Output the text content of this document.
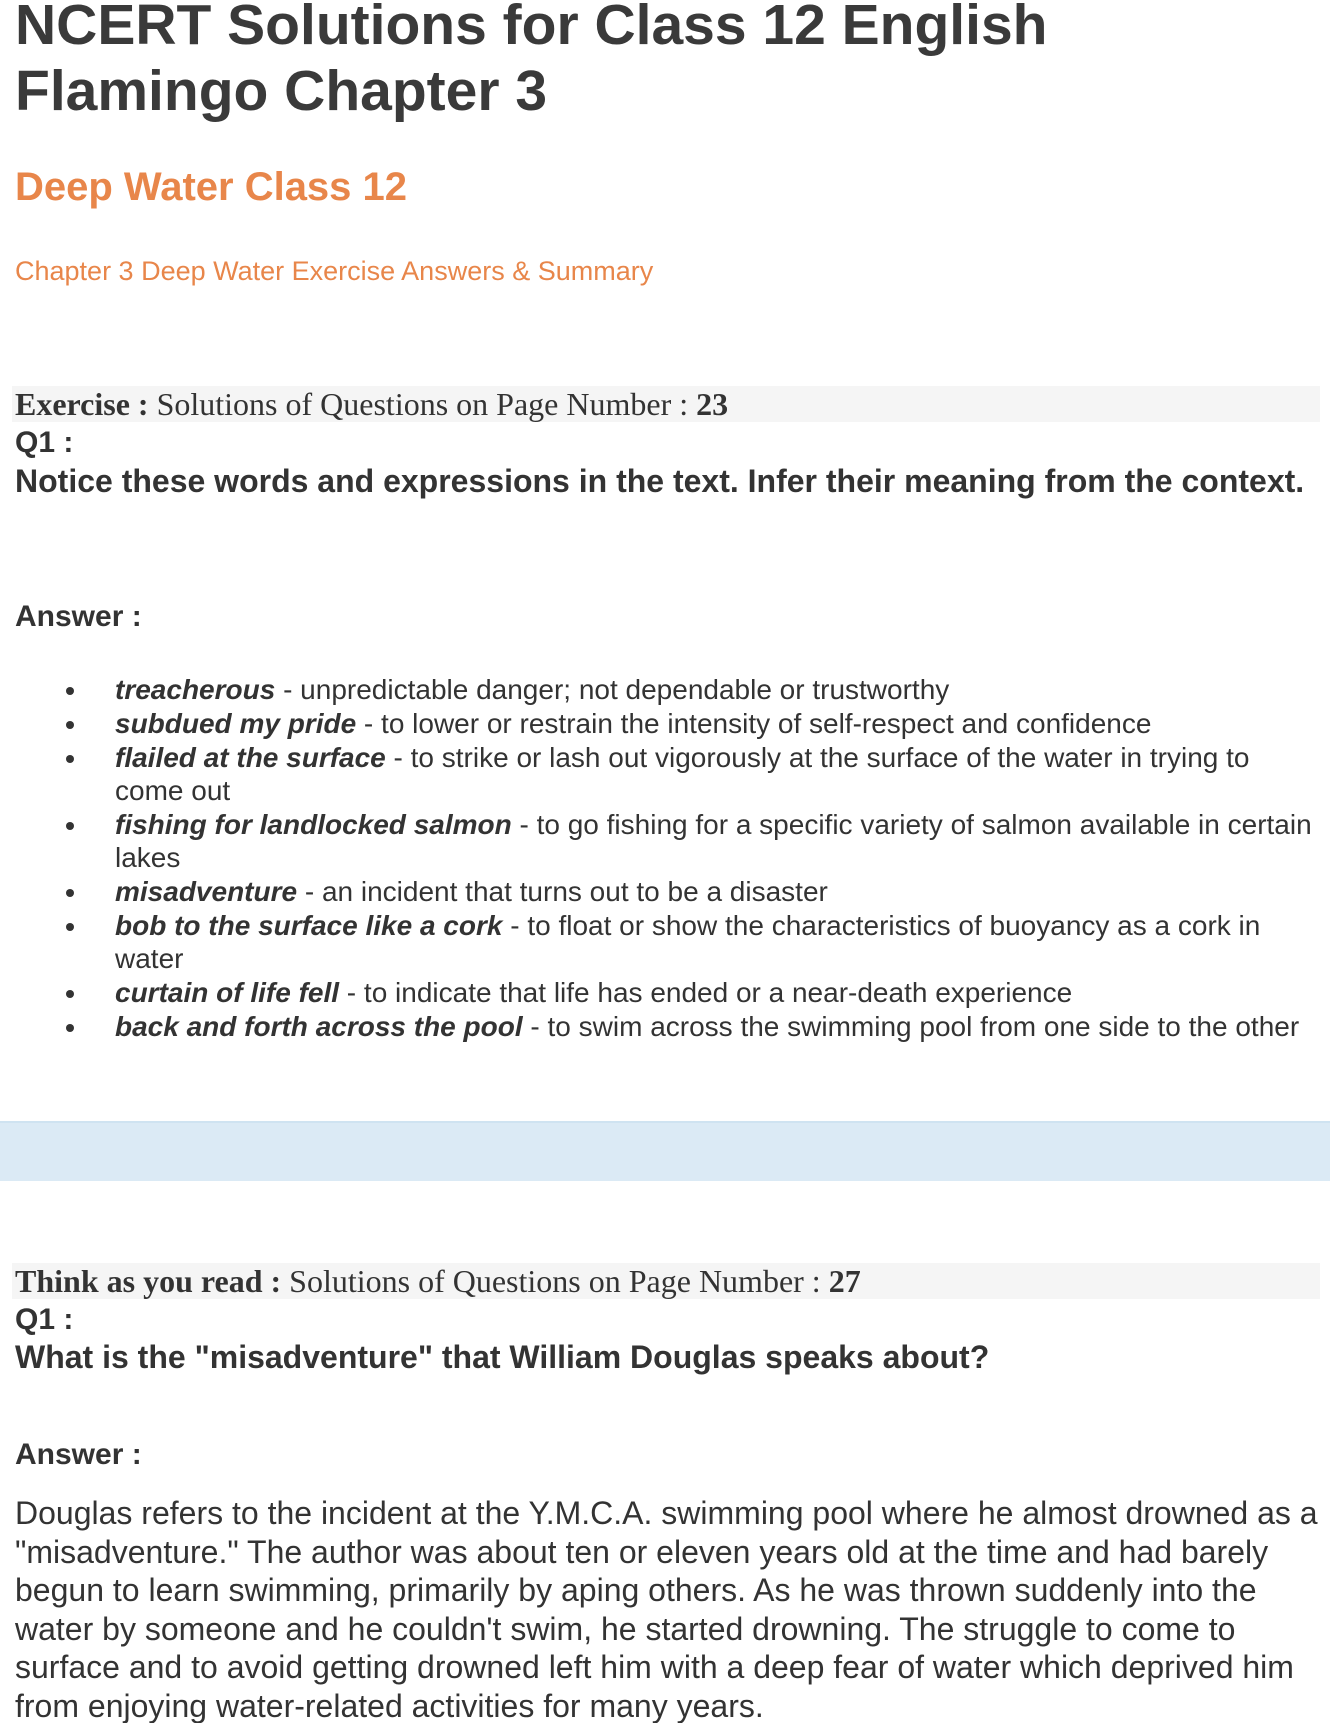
NCERT Solutions for Class 12 English Flamingo Chapter 3
Deep Water Class 12
Chapter 3 Deep Water Exercise Answers & Summary
Exercise : Solutions of Questions on Page Number : 23
Q1 :
Notice these words and expressions in the text. Infer their meaning from the context.
Answer :
treacherous - unpredictable danger; not dependable or trustworthy
subdued my pride - to lower or restrain the intensity of self-respect and confidence
flailed at the surface - to strike or lash out vigorously at the surface of the water in trying to come out
fishing for landlocked salmon - to go fishing for a specific variety of salmon available in certain lakes
misadventure - an incident that turns out to be a disaster
bob to the surface like a cork - to float or show the characteristics of buoyancy as a cork in water
curtain of life fell - to indicate that life has ended or a near-death experience
back and forth across the pool - to swim across the swimming pool from one side to the other
Think as you read : Solutions of Questions on Page Number : 27
Q1 :
What is the "misadventure" that William Douglas speaks about?
Answer :
Douglas refers to the incident at the Y.M.C.A. swimming pool where he almost drowned as a "misadventure." The author was about ten or eleven years old at the time and had barely begun to learn swimming, primarily by aping others. As he was thrown suddenly into the water by someone and he couldn't swim, he started drowning. The struggle to come to surface and to avoid getting drowned left him with a deep fear of water which deprived him from enjoying water-related activities for many years.
